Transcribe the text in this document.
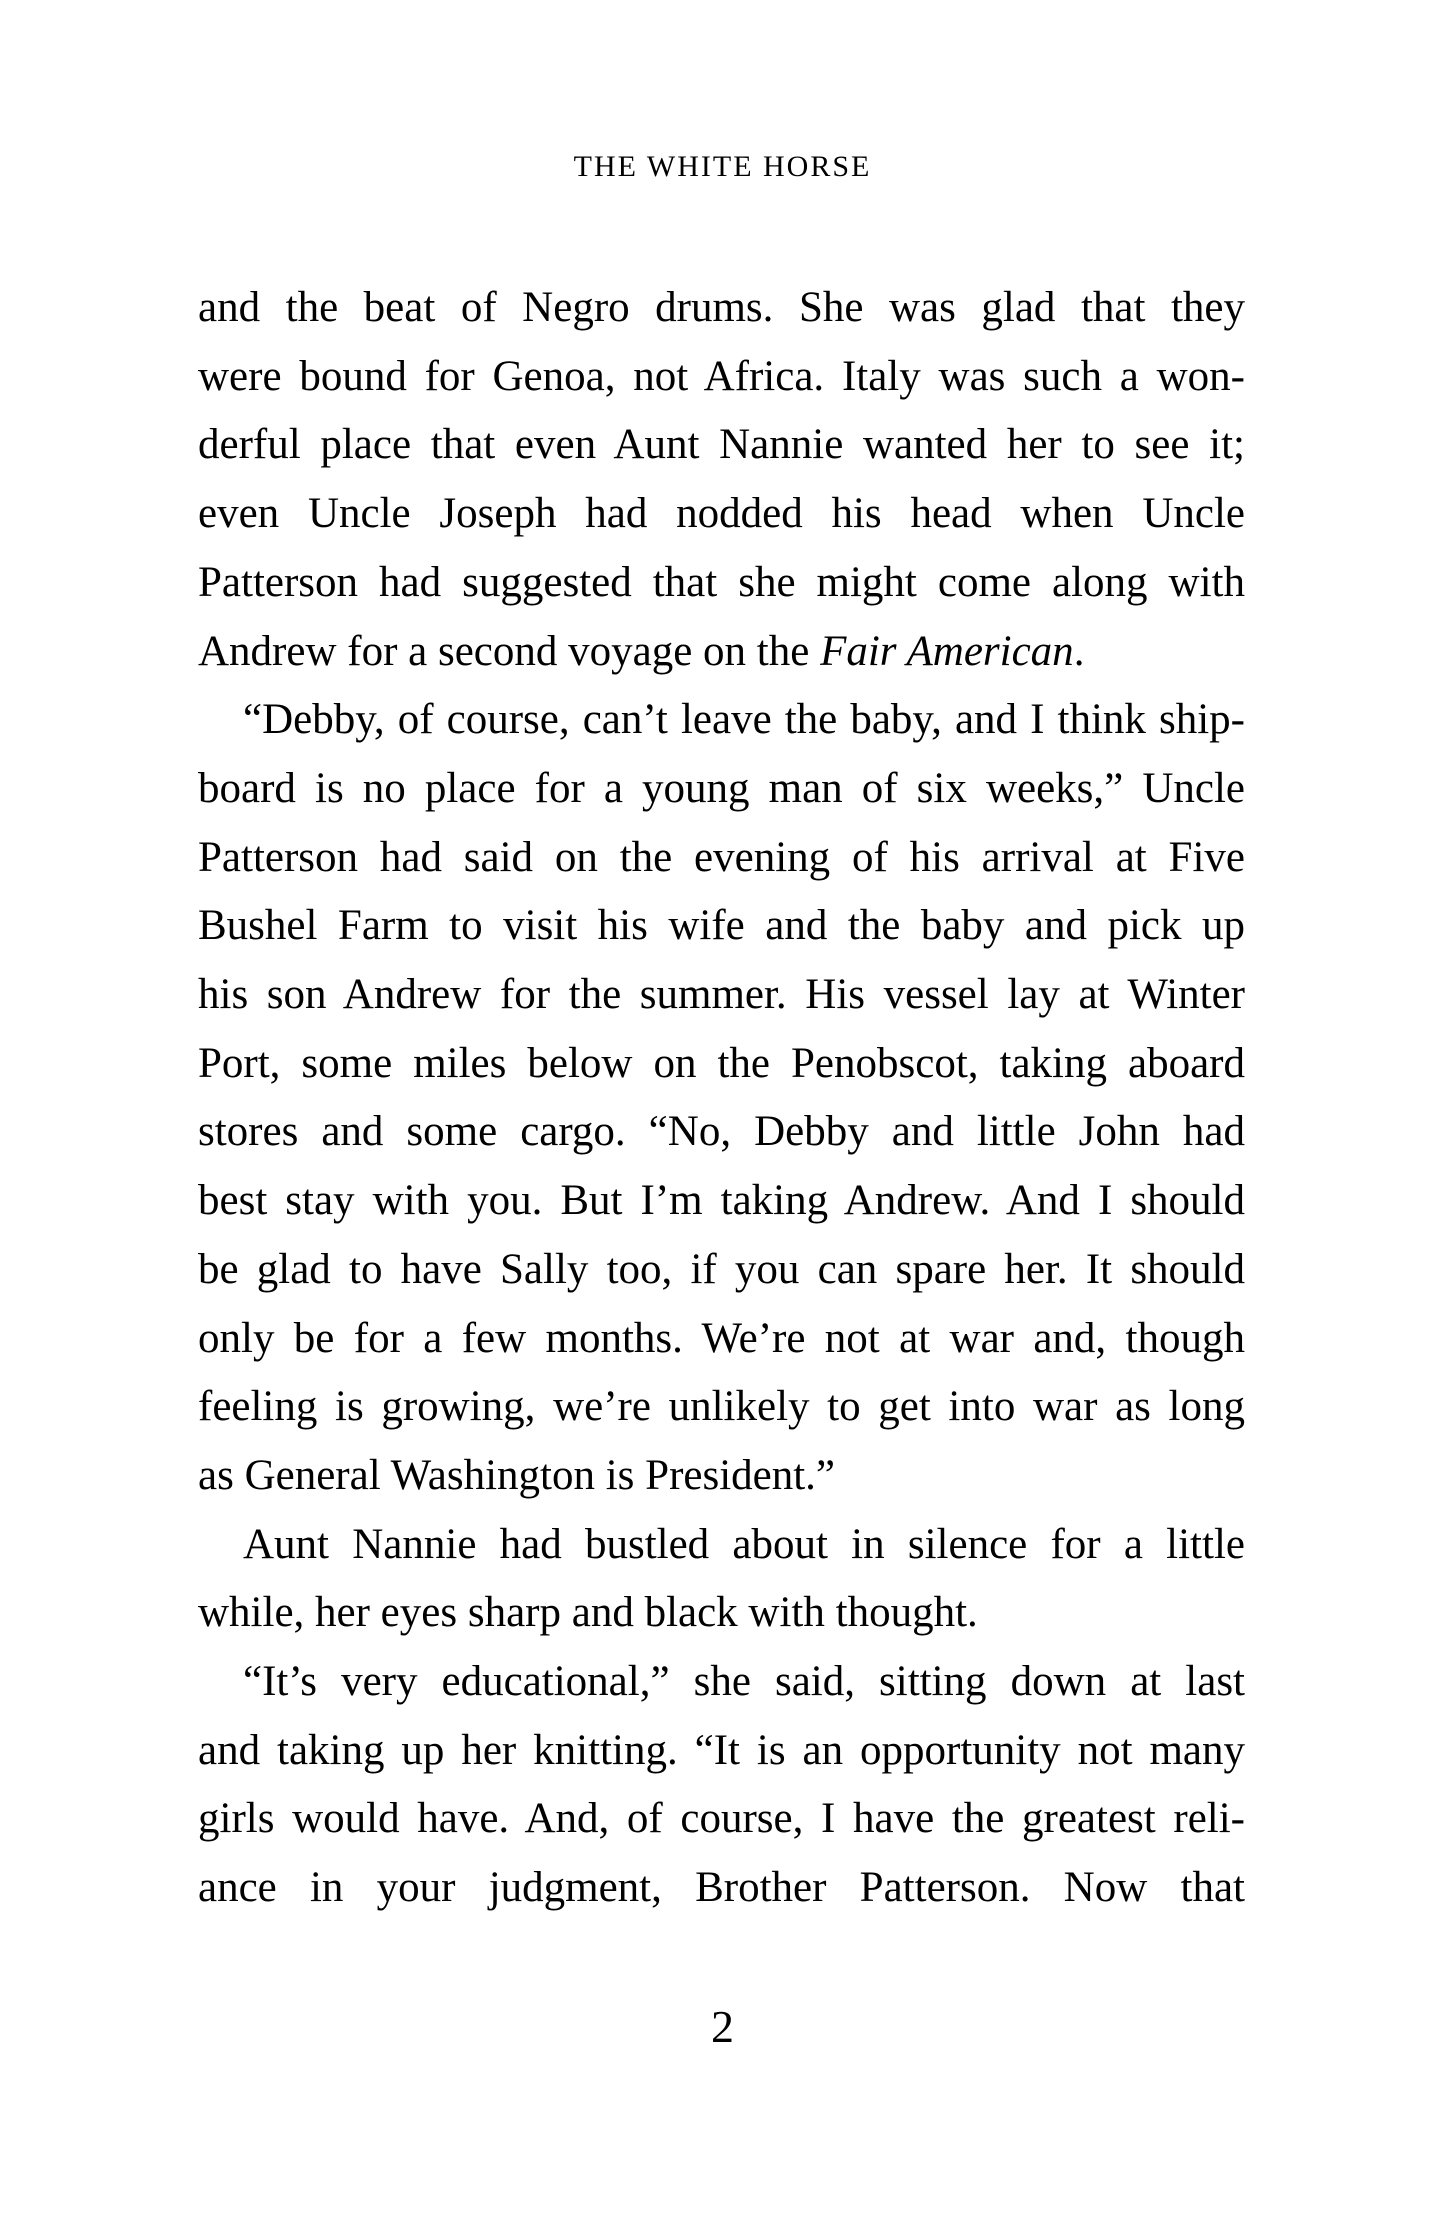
THE WHITE HORSE
and the beat of Negro drums. She was glad that they
were bound for Genoa, not Africa. Italy was such a won-
derful place that even Aunt Nannie wanted her to see it;
even Uncle Joseph had nodded his head when Uncle
Patterson had suggested that she might come along with
Andrew for a second voyage on the Fair American.
“Debby, of course, can’t leave the baby, and I think ship-
board is no place for a young man of six weeks,” Uncle
Patterson had said on the evening of his arrival at Five
Bushel Farm to visit his wife and the baby and pick up
his son Andrew for the summer. His vessel lay at Winter
Port, some miles below on the Penobscot, taking aboard
stores and some cargo. “No, Debby and little John had
best stay with you. But I’m taking Andrew. And I should
be glad to have Sally too, if you can spare her. It should
only be for a few months. We’re not at war and, though
feeling is growing, we’re unlikely to get into war as long
as General Washington is President.”
Aunt Nannie had bustled about in silence for a little
while, her eyes sharp and black with thought.
“It’s very educational,” she said, sitting down at last
and taking up her knitting. “It is an opportunity not many
girls would have. And, of course, I have the greatest reli-
ance in your judgment, Brother Patterson. Now that
2
